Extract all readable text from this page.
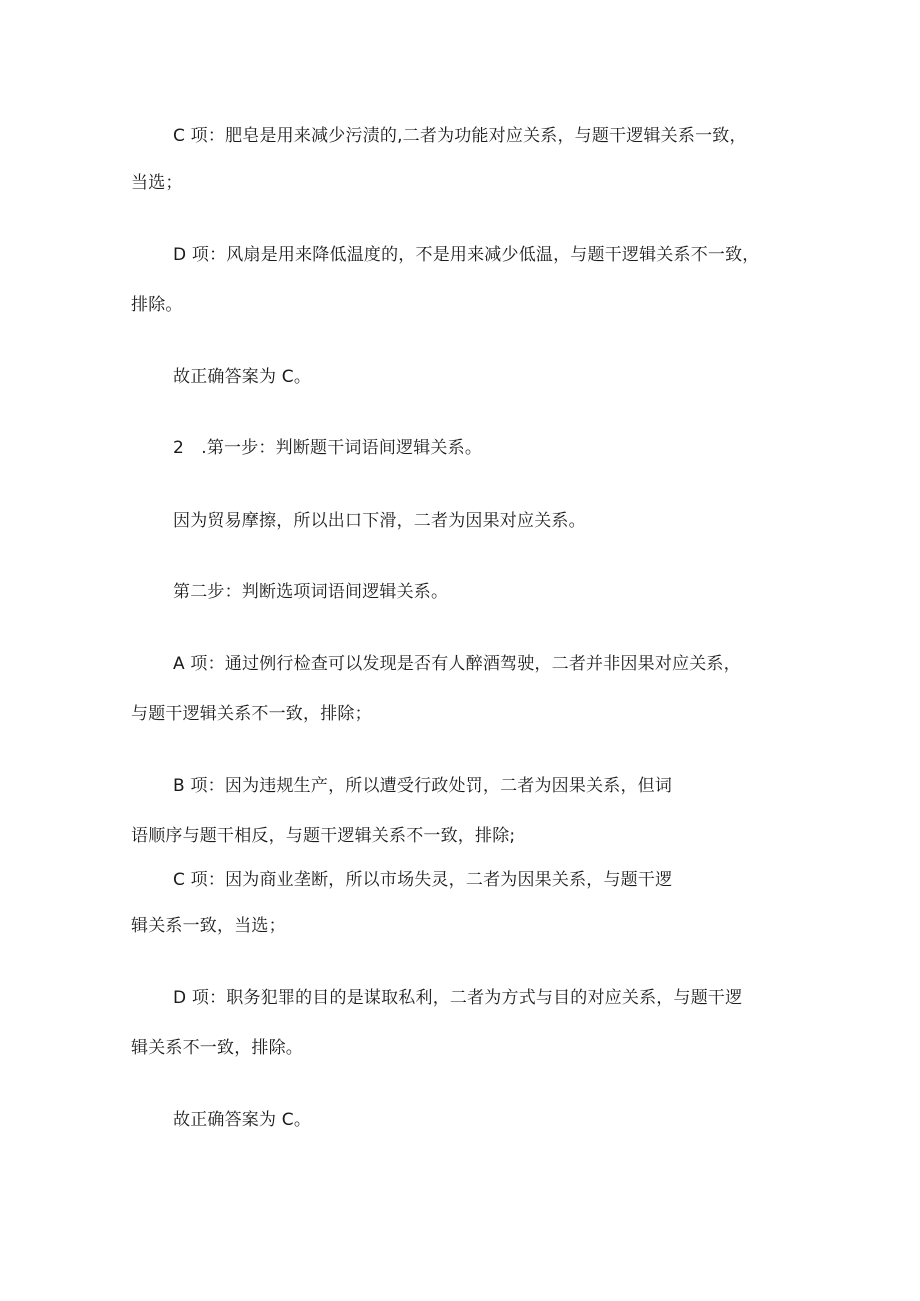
C 项：肥皂是用来减少污渍的,二者为功能对应关系，与题干逻辑关系一致，
当选；
D 项：风扇是用来降低温度的，不是用来减少低温，与题干逻辑关系不一致，
排除。
故正确答案为 C。
2　.第一步：判断题干词语间逻辑关系。
因为贸易摩擦，所以出口下滑，二者为因果对应关系。
第二步：判断选项词语间逻辑关系。
A 项：通过例行检查可以发现是否有人醉酒驾驶，二者并非因果对应关系，
与题干逻辑关系不一致，排除；
B 项：因为违规生产，所以遭受行政处罚，二者为因果关系，但词
语顺序与题干相反，与题干逻辑关系不一致，排除;
C 项：因为商业垄断，所以市场失灵，二者为因果关系，与题干逻
辑关系一致，当选；
D 项：职务犯罪的目的是谋取私利，二者为方式与目的对应关系，与题干逻
辑关系不一致，排除。
故正确答案为 C。
